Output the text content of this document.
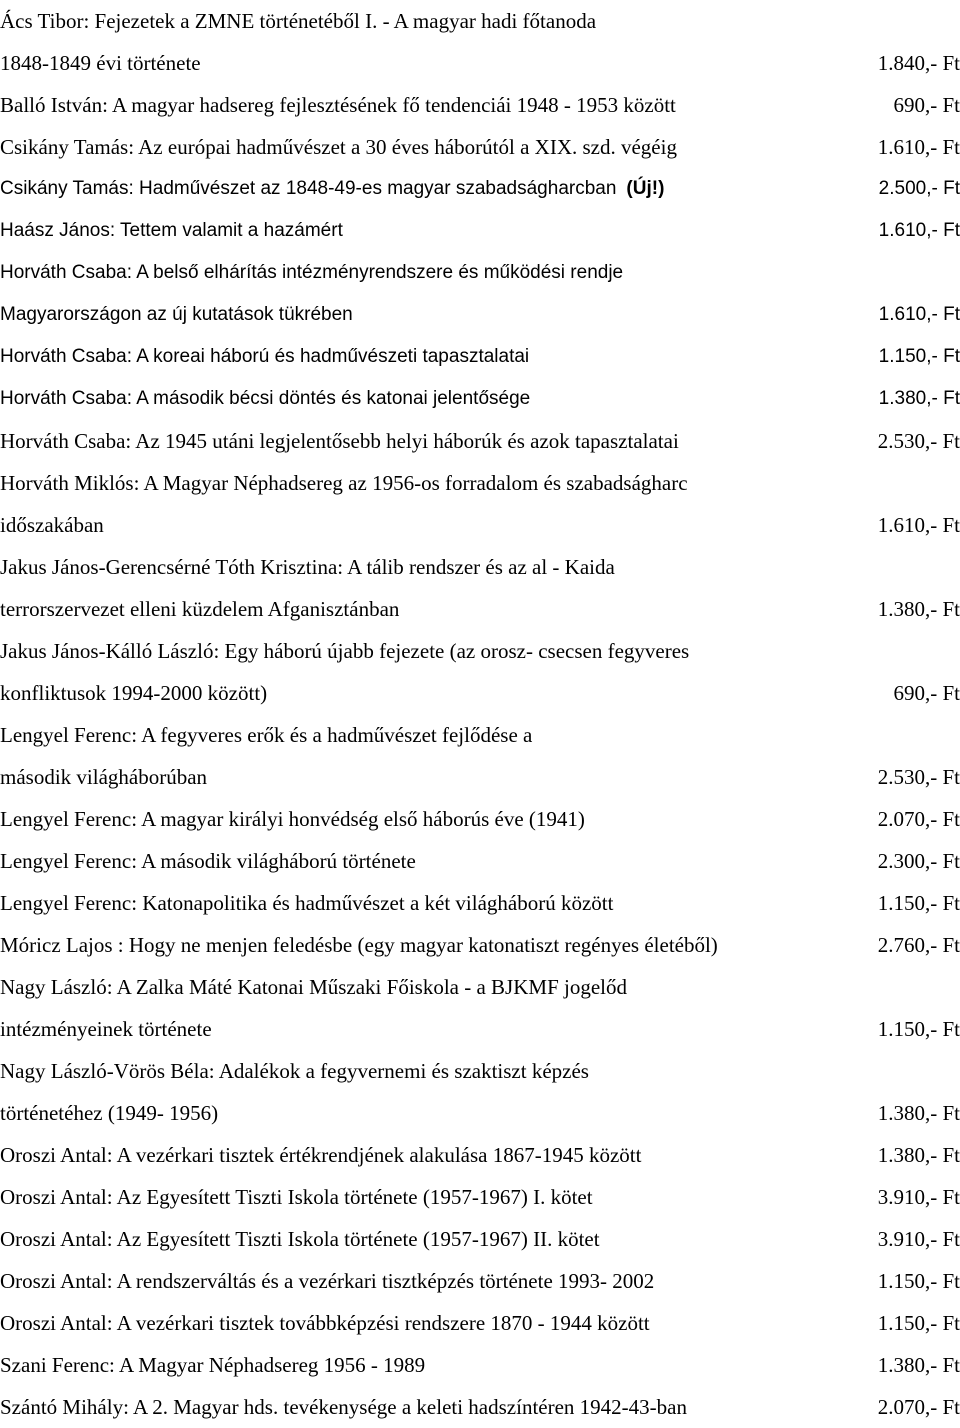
Ács Tibor: Fejezetek a ZMNE történetéből I. - A magyar hadi főtanoda
1848-1849 évi története	1.840,- Ft
Balló István: A magyar hadsereg fejlesztésének fő tendenciái 1948 - 1953 között	690,- Ft
Csikány Tamás: Az európai hadművészet a 30 éves háborútól a XIX. szd. végéig	1.610,- Ft
Csikány Tamás: Hadművészet az 1848-49-es magyar szabadságharcban (Új!)	2.500,- Ft
Haász János: Tettem valamit a hazámért	1.610,- Ft
Horváth Csaba: A belső elhárítás intézményrendszere és működési rendje
Magyarországon az új kutatások tükrében	1.610,- Ft
Horváth Csaba: A koreai háború és hadművészeti tapasztalatai	1.150,- Ft
Horváth Csaba: A második bécsi döntés és katonai jelentősége	1.380,- Ft
Horváth Csaba: Az 1945 utáni legjelentősebb helyi háborúk és azok tapasztalatai	2.530,- Ft
Horváth Miklós: A Magyar Néphadsereg az 1956-os forradalom és szabadságharc
időszakában	1.610,- Ft
Jakus János-Gerencsérné Tóth Krisztina: A tálib rendszer és az al - Kaida
terrorszervezet elleni küzdelem Afganisztánban	1.380,- Ft
Jakus János-Kálló László: Egy háború újabb fejezete (az orosz- csecsen fegyveres
konfliktusok 1994-2000 között)	690,- Ft
Lengyel Ferenc: A fegyveres erők és a hadművészet fejlődése a
második világháborúban	2.530,- Ft
Lengyel Ferenc: A magyar királyi honvédség első háborús éve (1941)	2.070,- Ft
Lengyel Ferenc: A második világháború története	2.300,- Ft
Lengyel Ferenc: Katonapolitika és hadművészet a két világháború között	1.150,- Ft
Móricz Lajos : Hogy ne menjen feledésbe (egy magyar katonatiszt regényes életéből)	2.760,- Ft
Nagy László: A Zalka Máté Katonai Műszaki Főiskola - a BJKMF jogelőd
intézményeinek története	1.150,- Ft
Nagy László-Vörös Béla: Adalékok a fegyvernemi és szaktiszt képzés
történetéhez (1949- 1956)	1.380,- Ft
Oroszi Antal: A vezérkari tisztek értékrendjének alakulása 1867-1945 között	1.380,- Ft
Oroszi Antal: Az Egyesített Tiszti Iskola története (1957-1967) I. kötet	3.910,- Ft
Oroszi Antal: Az Egyesített Tiszti Iskola története (1957-1967) II. kötet	3.910,- Ft
Oroszi Antal: A rendszerváltás és a vezérkari tisztképzés története 1993- 2002	1.150,- Ft
Oroszi Antal: A vezérkari tisztek továbbképzési rendszere 1870 - 1944 között	1.150,- Ft
Szani Ferenc: A Magyar Néphadsereg 1956 - 1989	1.380,- Ft
Szántó Mihály: A 2. Magyar hds. tevékenysége a keleti hadszíntéren 1942-43-ban	2.070,- Ft
